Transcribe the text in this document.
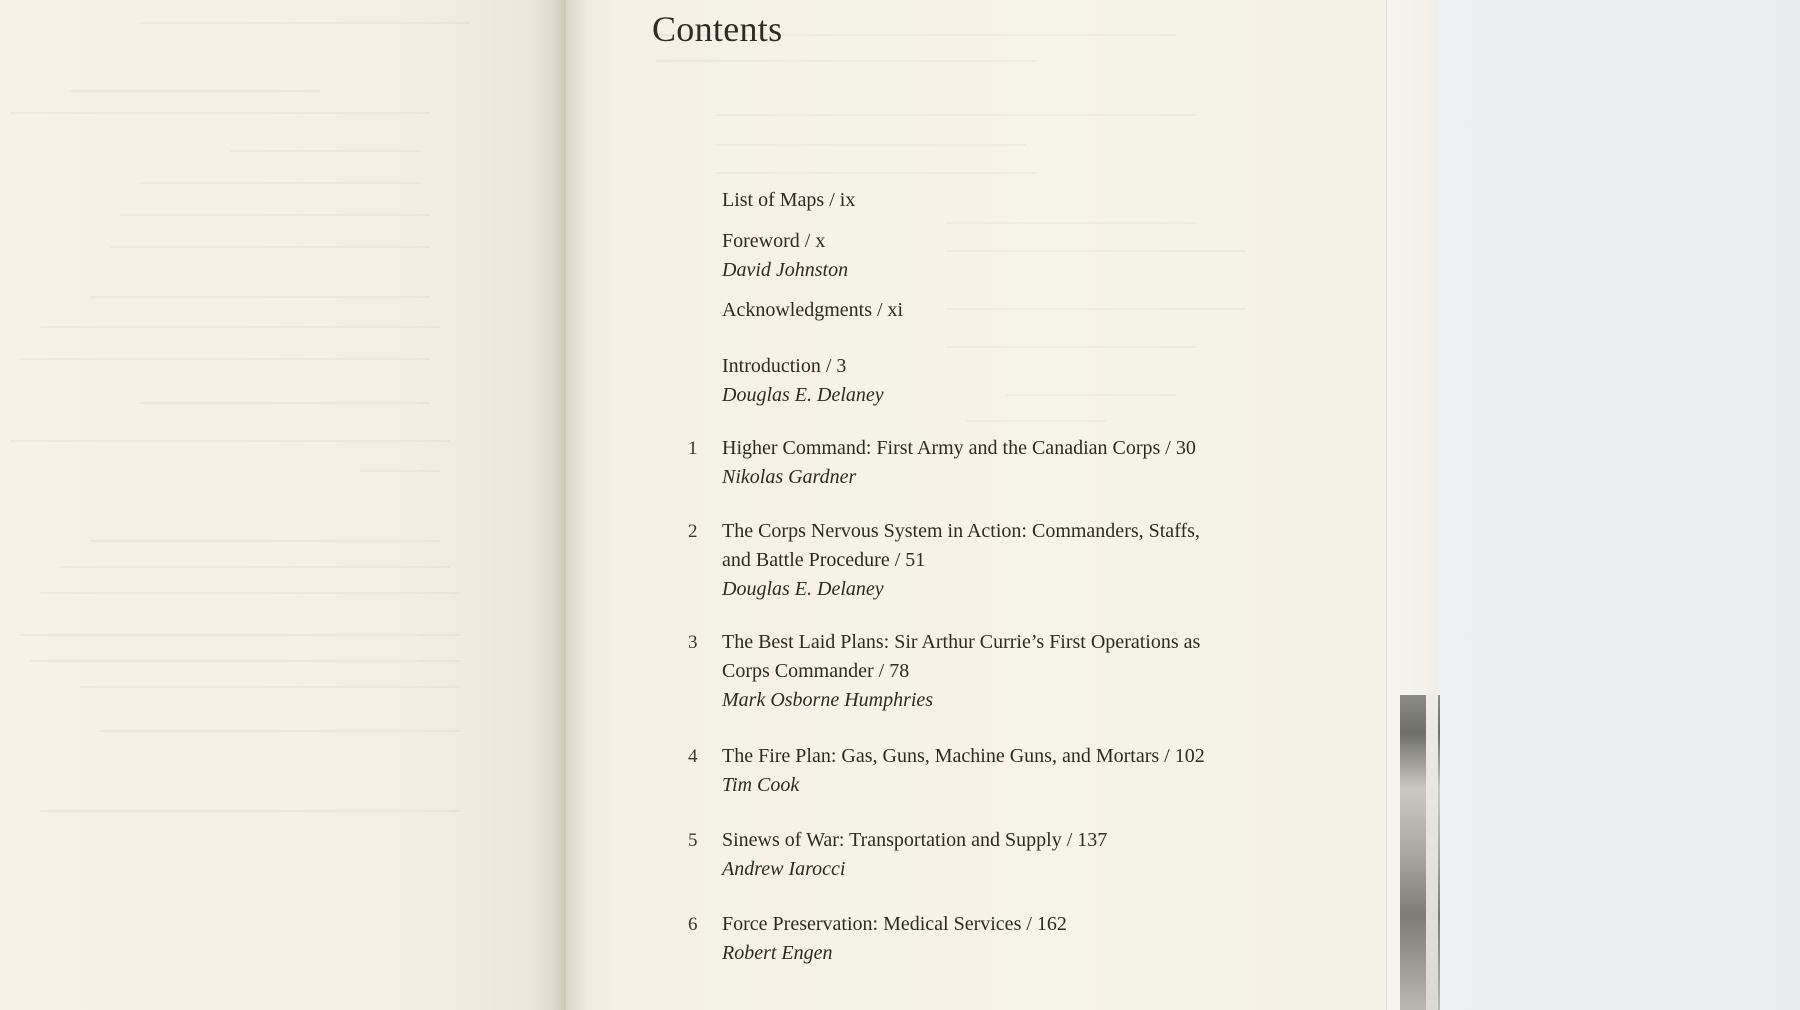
Contents
List of Maps / ix
Foreword / x
David Johnston
Acknowledgments / xi
Introduction / 3
Douglas E. Delaney
1 Higher Command: First Army and the Canadian Corps / 30
Nikolas Gardner
2 The Corps Nervous System in Action: Commanders, Staffs,
and Battle Procedure / 51
Douglas E. Delaney
3 The Best Laid Plans: Sir Arthur Currie’s First Operations as
Corps Commander / 78
Mark Osborne Humphries
4 The Fire Plan: Gas, Guns, Machine Guns, and Mortars / 102
Tim Cook
5 Sinews of War: Transportation and Supply / 137
Andrew Iarocci
6 Force Preservation: Medical Services / 162
Robert Engen
